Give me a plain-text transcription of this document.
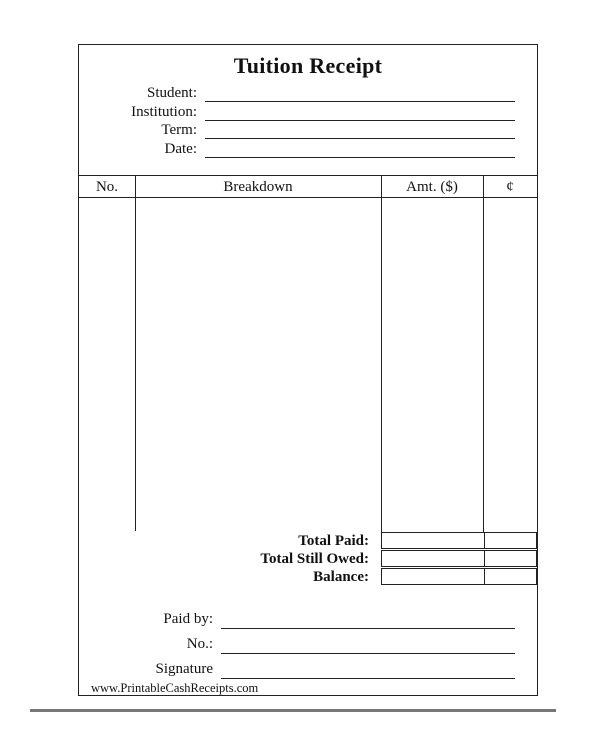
Tuition Receipt
Student:
Institution:
Term:
Date:
No.	Breakdown	Amt. ($)	¢
Total Paid:
Total Still Owed:
Balance:
Paid by:
No.:
Signature
www.PrintableCashReceipts.com
